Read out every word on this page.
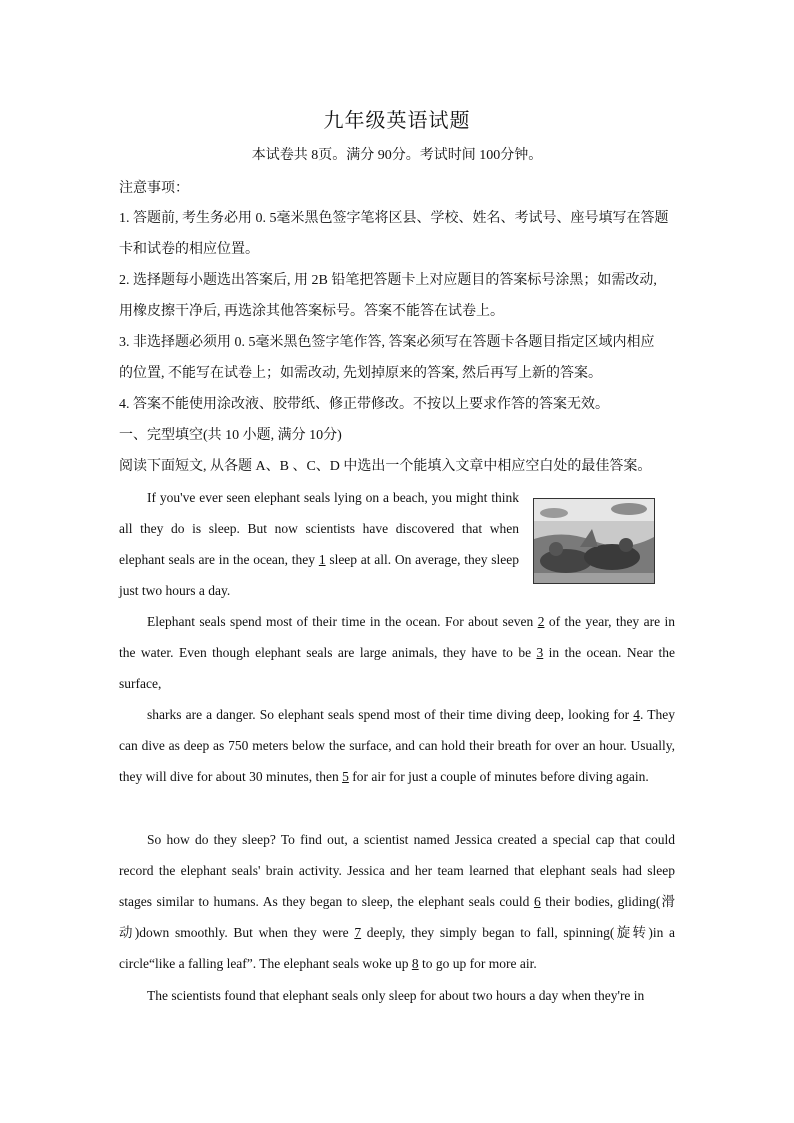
九年级英语试题
本试卷共 8页。满分 90分。考试时间 100分钟。
注意事项：
1. 答题前, 考生务必用 0. 5毫米黑色签字笔将区县、学校、姓名、考试号、座号填写在答题
卡和试卷的相应位置。
2. 选择题每小题选出答案后, 用 2B 铅笔把答题卡上对应题目的答案标号涂黑；如需改动,
用橡皮擦干净后, 再选涂其他答案标号。答案不能答在试卷上。
3. 非选择题必须用 0. 5毫米黑色签字笔作答, 答案必须写在答题卡各题目指定区域内相应
的位置, 不能写在试卷上；如需改动, 先划掉原来的答案, 然后再写上新的答案。
4. 答案不能使用涂改液、胶带纸、修正带修改。不按以上要求作答的答案无效。
一、完型填空(共 10 小题, 满分 10分)
阅读下面短文, 从各题 A、B 、C、D 中选出一个能填入文章中相应空白处的最佳答案。
If you've ever seen elephant seals lying on a beach, you might think all they do is sleep. But now scientists have discovered that when elephant seals are in the ocean, they 1 sleep at all. On average, they sleep just two hours a day.
Elephant seals spend most of their time in the ocean. For about seven 2 of the year, they are in the water. Even though elephant seals are large animals, they have to be 3 in the ocean. Near the surface,
sharks are a danger. So elephant seals spend most of their time diving deep, looking for 4. They can dive as deep as 750 meters below the surface, and can hold their breath for over an hour. Usually, they will dive for about 30 minutes, then 5 for air for just a couple of minutes before diving again.
So how do they sleep? To find out, a scientist named Jessica created a special cap that could record the elephant seals' brain activity. Jessica and her team learned that elephant seals had sleep stages similar to humans. As they began to sleep, the elephant seals could 6 their bodies, gliding(滑动)down smoothly. But when they were 7 deeply, they simply began to fall, spinning(旋转)in a circle“like a falling leaf”. The elephant seals woke up 8 to go up for more air.
The scientists found that elephant seals only sleep for about two hours a day when they're in
